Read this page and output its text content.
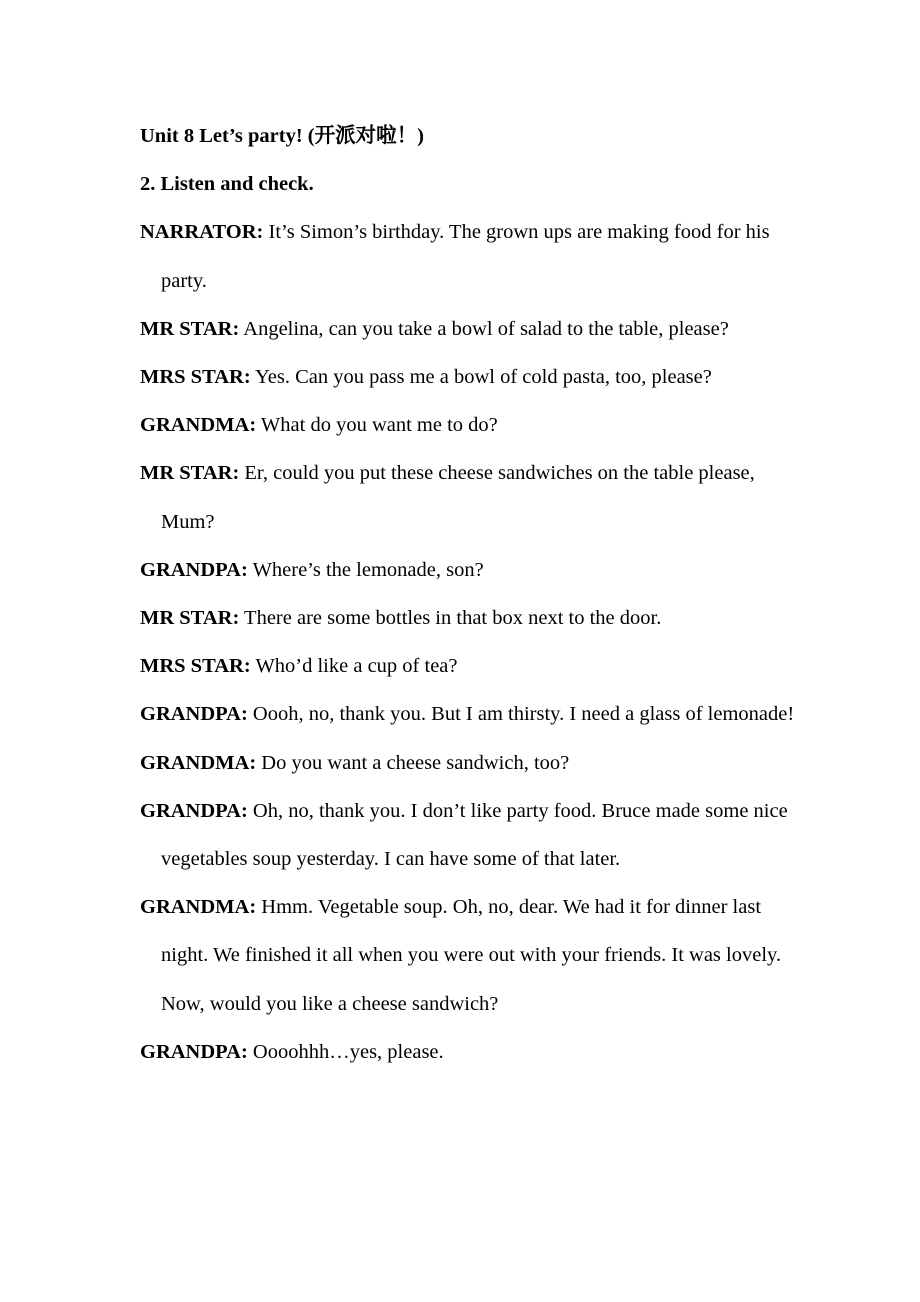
Unit 8 Let’s party! (开派对啦！)
2. Listen and check.

NARRATOR: It’s Simon’s birthday. The grown ups are making food for his party.

MR STAR: Angelina, can you take a bowl of salad to the table, please?

MRS STAR: Yes. Can you pass me a bowl of cold pasta, too, please?

GRANDMA: What do you want me to do?

MR STAR: Er, could you put these cheese sandwiches on the table please, Mum?

GRANDPA: Where’s the lemonade, son?

MR STAR: There are some bottles in that box next to the door.

MRS STAR: Who’d like a cup of tea?

GRANDPA: Oooh, no, thank you. But I am thirsty. I need a glass of lemonade!

GRANDMA: Do you want a cheese sandwich, too?

GRANDPA: Oh, no, thank you. I don’t like party food. Bruce made some nice vegetables soup yesterday. I can have some of that later.

GRANDMA: Hmm. Vegetable soup. Oh, no, dear. We had it for dinner last night. We finished it all when you were out with your friends. It was lovely. Now, would you like a cheese sandwich?

GRANDPA: Oooohhh…yes, please.
